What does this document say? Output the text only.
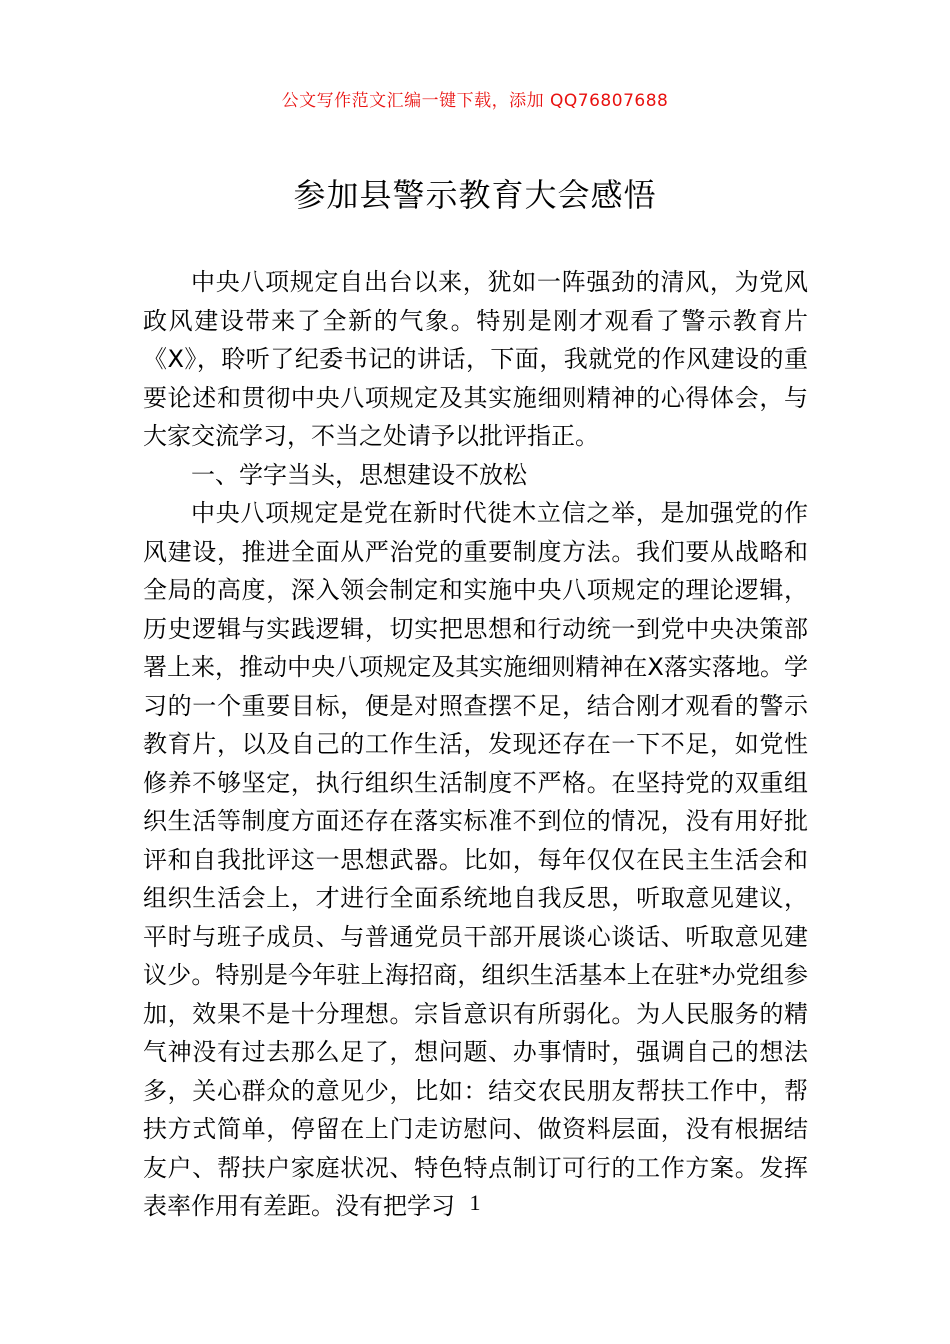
公文写作范文汇编一键下载，添加 QQ76807688
参加县警示教育大会感悟

中央八项规定自出台以来，犹如一阵强劲的清风，为党风政风建设带来了全新的气象。特别是刚才观看了警示教育片《X》，聆听了纪委书记的讲话，下面，我就党的作风建设的重要论述和贯彻中央八项规定及其实施细则精神的心得体会，与大家交流学习，不当之处请予以批评指正。

一、学字当头，思想建设不放松

中央八项规定是党在新时代徙木立信之举，是加强党的作风建设，推进全面从严治党的重要制度方法。我们要从战略和全局的高度，深入领会制定和实施中央八项规定的理论逻辑，历史逻辑与实践逻辑，切实把思想和行动统一到党中央决策部署上来，推动中央八项规定及其实施细则精神在X落实落地。学习的一个重要目标，便是对照查摆不足，结合刚才观看的警示教育片，以及自己的工作生活，发现还存在一下不足，如党性修养不够坚定，执行组织生活制度不严格。在坚持党的双重组织生活等制度方面还存在落实标准不到位的情况，没有用好批评和自我批评这一思想武器。比如，每年仅仅在民主生活会和组织生活会上，才进行全面系统地自我反思，听取意见建议，平时与班子成员、与普通党员干部开展谈心谈话、听取意见建议少。特别是今年驻上海招商，组织生活基本上在驻*办党组参加，效果不是十分理想。宗旨意识有所弱化。为人民服务的精气神没有过去那么足了，想问题、办事情时，强调自己的想法多，关心群众的意见少，比如：结交农民朋友帮扶工作中，帮扶方式简单，停留在上门走访慰问、做资料层面，没有根据结友户、帮扶户家庭状况、特色特点制订可行的工作方案。发挥表率作用有差距。没有把学习 1
